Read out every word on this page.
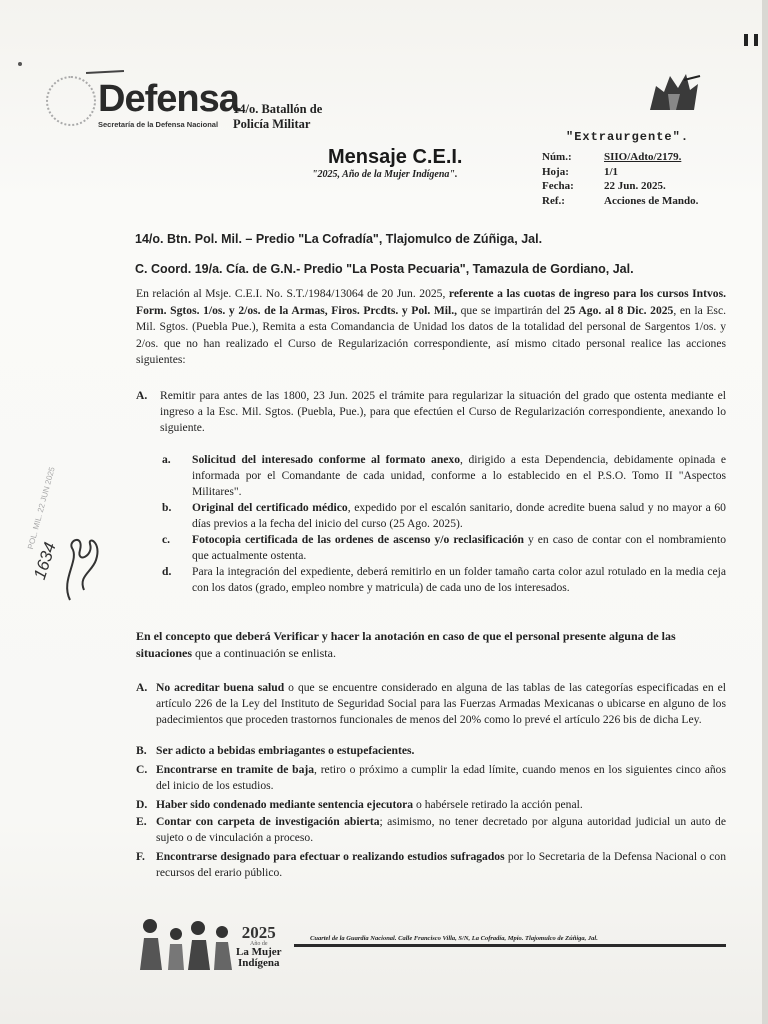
Defensa
Secretaría de la Defensa Nacional
14/o. Batallón de
Policía Militar
"Extraurgente".
Mensaje C.E.I.
"2025, Año de la Mujer Indígena".
Núm.:	SIIO/Adto/2179.
Hoja:	1/1
Fecha:	22 Jun. 2025.
Ref.:	Acciones de Mando.
14/o. Btn. Pol. Mil. – Predio "La Cofradía", Tlajomulco de Zúñiga, Jal.
C. Coord. 19/a. Cía. de G.N.- Predio "La Posta Pecuaria", Tamazula de Gordiano, Jal.
En relación al Msje. C.E.I. No. S.T./1984/13064 de 20 Jun. 2025, referente a las cuotas de ingreso para los cursos Intvos. Form. Sgtos. 1/os. y 2/os. de la Armas, Firos. Prcdts. y Pol. Mil., que se impartirán del 25 Ago. al 8 Dic. 2025, en la Esc. Mil. Sgtos. (Puebla Pue.), Remita a esta Comandancia de Unidad los datos de la totalidad del personal de Sargentos 1/os. y 2/os. que no han realizado el Curso de Regularización correspondiente, así mismo citado personal realice las acciones siguientes:
A.	Remitir para antes de las 1800, 23 Jun. 2025 el trámite para regularizar la situación del grado que ostenta mediante el ingreso a la Esc. Mil. Sgtos. (Puebla, Pue.), para que efectúen el Curso de Regularización correspondiente, anexando lo siguiente.
a.	Solicitud del interesado conforme al formato anexo, dirigido a esta Dependencia, debidamente opinada e informada por el Comandante de cada unidad, conforme a lo establecido en el P.S.O. Tomo II "Aspectos Militares".
b.	Original del certificado médico, expedido por el escalón sanitario, donde acredite buena salud y no mayor a 60 días previos a la fecha del inicio del curso (25 Ago. 2025).
c.	Fotocopia certificada de las ordenes de ascenso y/o reclasificación y en caso de contar con el nombramiento que actualmente ostenta.
d.	Para la integración del expediente, deberá remitirlo en un folder tamaño carta color azul rotulado en la media ceja con los datos (grado, empleo nombre y matricula) de cada uno de los interesados.
POL. MIL. 22 JUN 2025
1634
En el concepto que deberá Verificar y hacer la anotación en caso de que el personal presente alguna de las situaciones que a continuación se enlista.
A. No acreditar buena salud o que se encuentre considerado en alguna de las tablas de las categorías especificadas en el artículo 226 de la Ley del Instituto de Seguridad Social para las Fuerzas Armadas Mexicanas o ubicarse en alguno de los padecimientos que proceden trastornos funcionales de menos del 20% como lo prevé el artículo 226 bis de dicha Ley.
B. Ser adicto a bebidas embriagantes o estupefacientes.
C. Encontrarse en tramite de baja, retiro o próximo a cumplir la edad límite, cuando menos en los siguientes cinco años del inicio de los estudios.
D. Haber sido condenado mediante sentencia ejecutora o habérsele retirado la acción penal.
E. Contar con carpeta de investigación abierta; asimismo, no tener decretado por alguna autoridad judicial un auto de sujeto o de vinculación a proceso.
F. Encontrarse designado para efectuar o realizando estudios sufragados por lo Secretaria de la Defensa Nacional o con recursos del erario público.
2025
Año de
La Mujer
Indígena
Cuartel de la Guardia Nacional. Calle Francisco Villa, S/N, La Cofradía, Mpio. Tlajomulco de Zúñiga, Jal.
